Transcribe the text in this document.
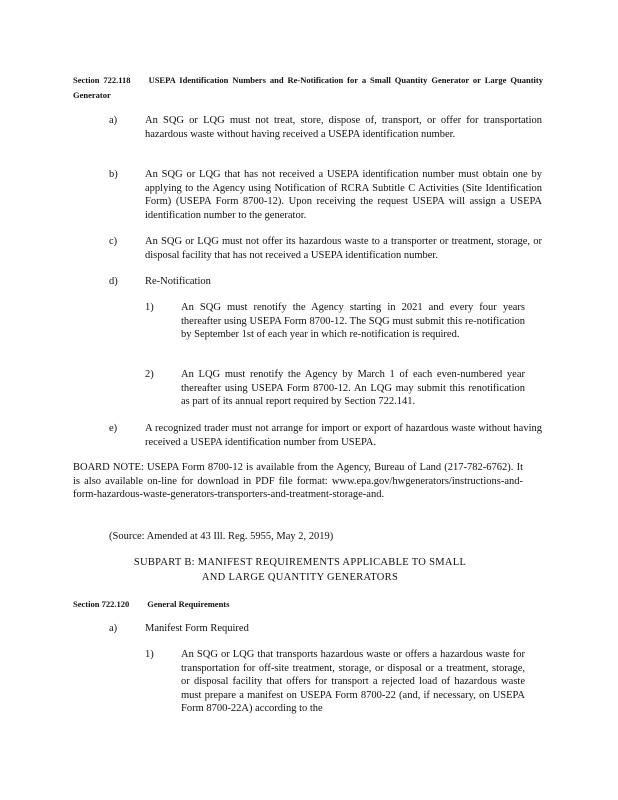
Section 722.118 USEPA Identification Numbers and Re-Notification for a Small Quantity Generator or Large Quantity Generator
a)	An SQG or LQG must not treat, store, dispose of, transport, or offer for transportation hazardous waste without having received a USEPA identification number.
b)	An SQG or LQG that has not received a USEPA identification number must obtain one by applying to the Agency using Notification of RCRA Subtitle C Activities (Site Identification Form) (USEPA Form 8700-12). Upon receiving the request USEPA will assign a USEPA identification number to the generator.
c)	An SQG or LQG must not offer its hazardous waste to a transporter or treatment, storage, or disposal facility that has not received a USEPA identification number.
d)	Re-Notification
1)	An SQG must renotify the Agency starting in 2021 and every four years thereafter using USEPA Form 8700-12. The SQG must submit this re-notification by September 1st of each year in which re-notification is required.
2)	An LQG must renotify the Agency by March 1 of each even-numbered year thereafter using USEPA Form 8700-12. An LQG may submit this renotification as part of its annual report required by Section 722.141.
e)	A recognized trader must not arrange for import or export of hazardous waste without having received a USEPA identification number from USEPA.
BOARD NOTE: USEPA Form 8700-12 is available from the Agency, Bureau of Land (217-782-6762). It is also available on-line for download in PDF file format: www.epa.gov/hwgenerators/instructions-and-form-hazardous-waste-generators-transporters-and-treatment-storage-and.
(Source: Amended at 43 Ill. Reg. 5955, May 2, 2019)
SUBPART B: MANIFEST REQUIREMENTS APPLICABLE TO SMALL
AND LARGE QUANTITY GENERATORS
Section 722.120 General Requirements
a)	Manifest Form Required
1)	An SQG or LQG that transports hazardous waste or offers a hazardous waste for transportation for off-site treatment, storage, or disposal or a treatment, storage, or disposal facility that offers for transport a rejected load of hazardous waste must prepare a manifest on USEPA Form 8700-22 (and, if necessary, on USEPA Form 8700-22A) according to the
